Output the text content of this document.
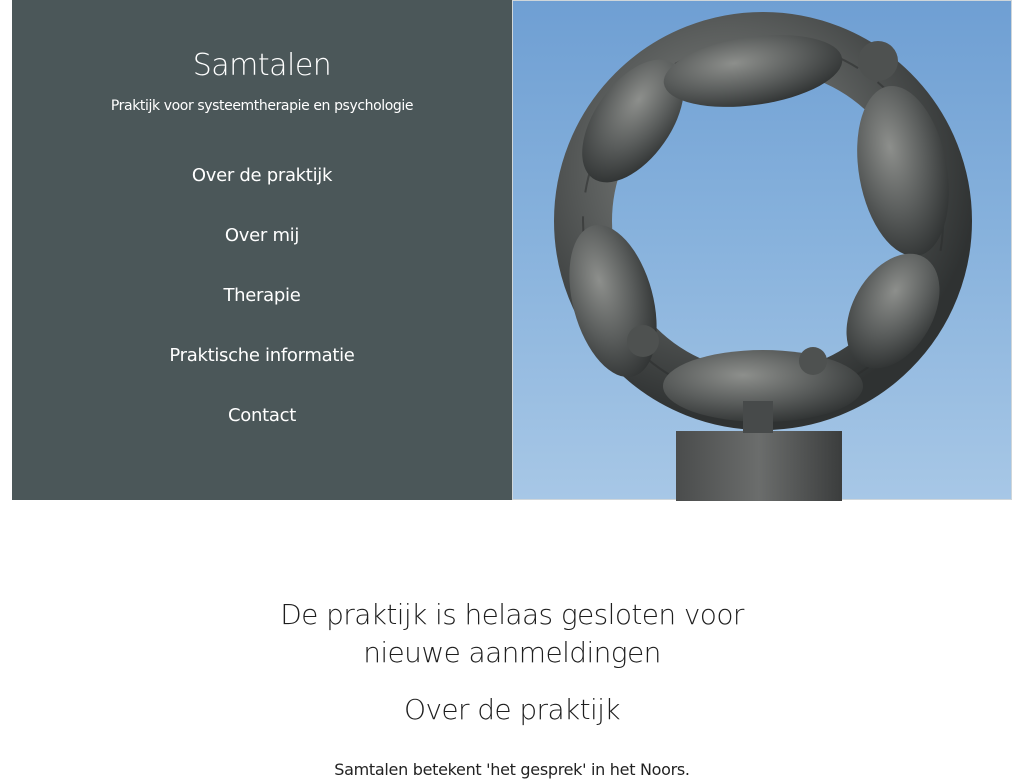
Samtalen

Praktijk voor systeemtherapie en psychologie

Over de praktijk
Over mij
Therapie
Praktische informatie
Contact
De praktijk is helaas gesloten voor nieuwe aanmeldingen
Over de praktijk

Samtalen betekent 'het gesprek' in het Noors.
